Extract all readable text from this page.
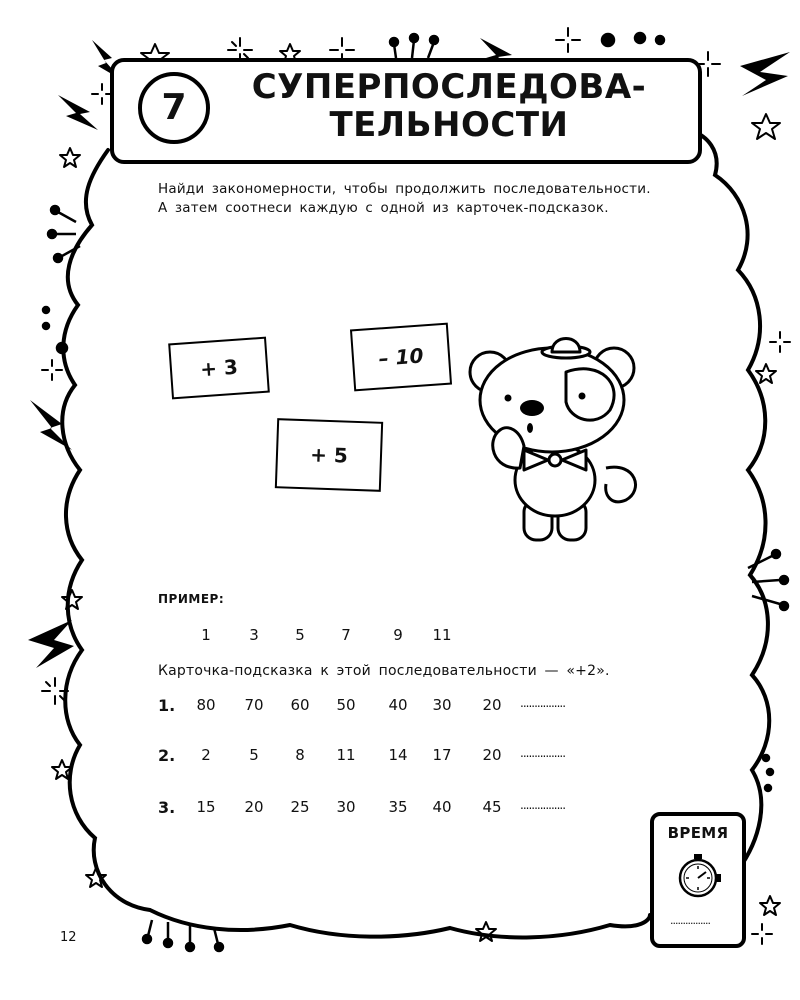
7	СУПЕРПОСЛЕДОВА-
ТЕЛЬНОСТИ
Найди закономерности, чтобы продолжить последовательности.
А затем соотнеси каждую с одной из карточек-подсказок.
+ 3	– 10
+ 5
ПРИМЕР:
1	3	5	7	9	11
Карточка-подсказка к этой последовательности — «+2».
1.	80	70	60	50	40	30	20	................
2.	2	5	8	11	14	17	20	................
3.	15	20	25	30	35	40	45	................
ВРЕМЯ
................
12
